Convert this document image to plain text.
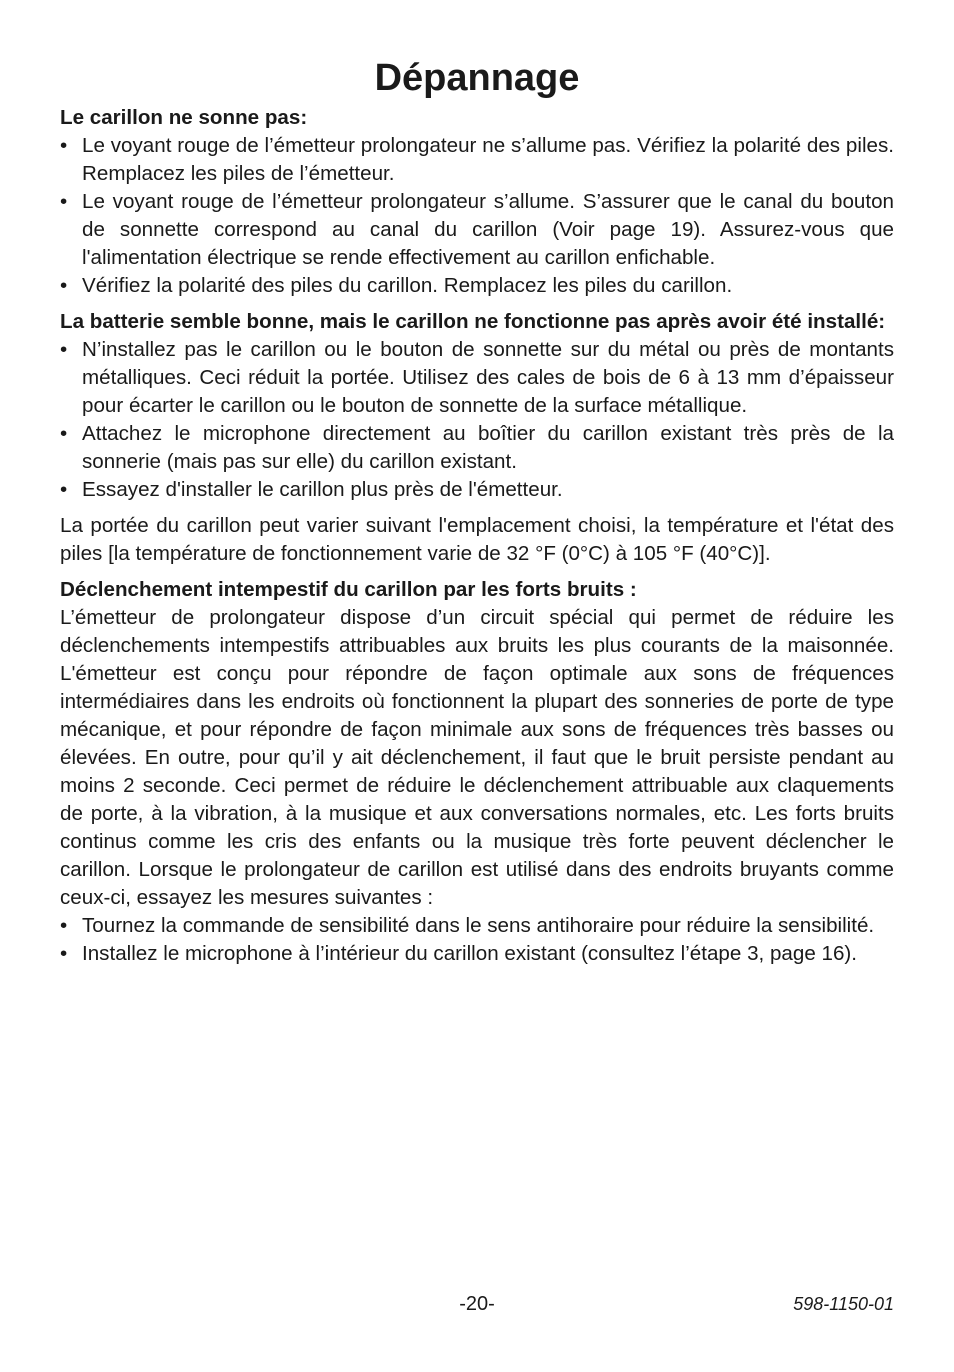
Dépannage

Le carillon ne sonne pas:

• Le voyant rouge de l’émetteur prolongateur ne s’allume pas. Vérifiez la polarité des piles. Remplacez les piles de l’émetteur.
• Le voyant rouge de l’émetteur prolongateur s’allume. S’assurer que le canal du bouton de sonnette correspond au canal du carillon (Voir page 19). Assurez-vous que l'alimentation électrique se rende effectivement au carillon enfichable.
• Vérifiez la polarité des piles du carillon. Remplacez les piles du carillon.

La batterie semble bonne, mais le carillon ne fonctionne pas après avoir été installé:

• N’installez pas le carillon ou le bouton de sonnette sur du métal ou près de montants métalliques. Ceci réduit la portée. Utilisez des cales de bois de 6 à 13 mm d’épaisseur pour écarter le carillon ou le bouton de sonnette de la surface métallique.
• Attachez le microphone directement au boîtier du carillon existant très près de la sonnerie (mais pas sur elle) du carillon existant.
• Essayez d'installer le carillon plus près de l'émetteur.

La portée du carillon peut varier suivant l'emplacement choisi, la température et l'état des piles [la température de fonctionnement varie de 32 °F (0°C) à 105 °F (40°C)].

Déclenchement intempestif du carillon par les forts bruits :

L’émetteur de prolongateur dispose d’un circuit spécial qui permet de réduire les déclenchements intempestifs attribuables aux bruits les plus courants de la maisonnée. L'émetteur est conçu pour répondre de façon optimale aux sons de fréquences intermédiaires dans les endroits où fonctionnent la plupart des sonneries de porte de type mécanique, et pour répondre de façon minimale aux sons de fréquences très basses ou élevées. En outre, pour qu’il y ait déclenchement, il faut que le bruit persiste pendant au moins 2 seconde. Ceci permet de réduire le déclenchement attribuable aux claquements de porte, à la vibration, à la musique et aux conversations normales, etc. Les forts bruits continus comme les cris des enfants ou la musique très forte peuvent déclencher le carillon. Lorsque le prolongateur de carillon est utilisé dans des endroits bruyants comme ceux-ci, essayez les mesures suivantes :

• Tournez la commande de sensibilité dans le sens antihoraire pour réduire la sensibilité.
• Installez le microphone à l’intérieur du carillon existant (consultez l’étape 3, page 16).
-20-	598-1150-01
